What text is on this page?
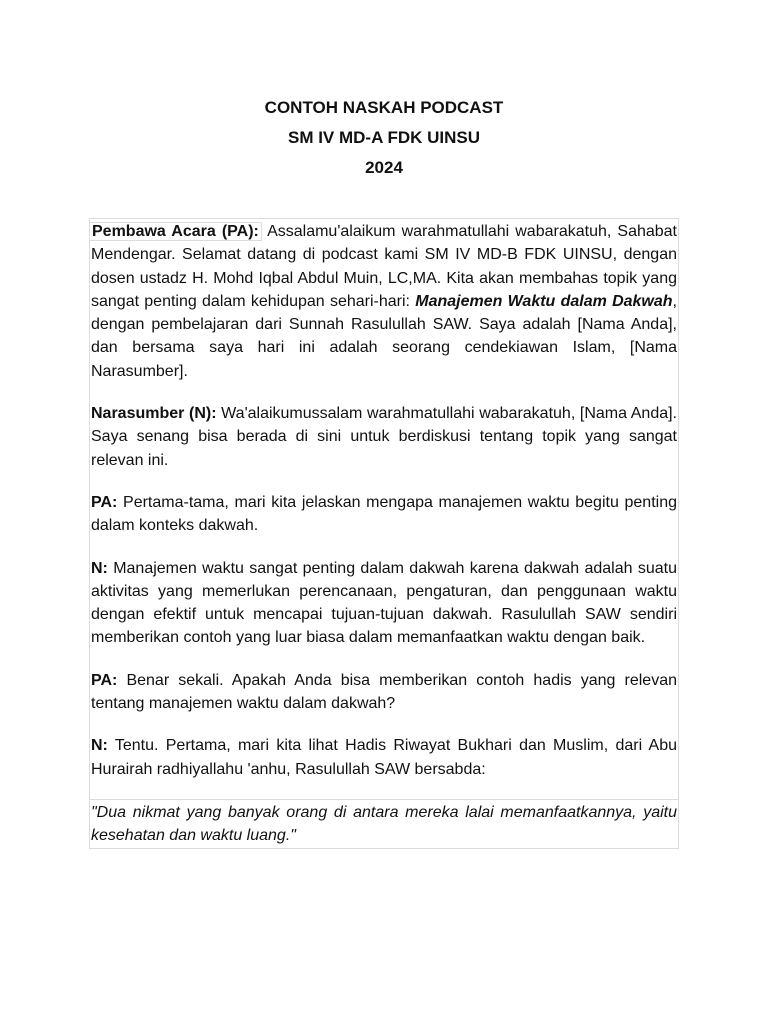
CONTOH NASKAH PODCAST
SM IV MD-A FDK UINSU
2024

Pembawa Acara (PA): Assalamu'alaikum warahmatullahi wabarakatuh, Sahabat Mendengar. Selamat datang di podcast kami SM IV MD-B FDK UINSU, dengan dosen ustadz H. Mohd Iqbal Abdul Muin, LC,MA. Kita akan membahas topik yang sangat penting dalam kehidupan sehari-hari: Manajemen Waktu dalam Dakwah, dengan pembelajaran dari Sunnah Rasulullah SAW. Saya adalah [Nama Anda], dan bersama saya hari ini adalah seorang cendekiawan Islam, [Nama Narasumber].

Narasumber (N): Wa'alaikumussalam warahmatullahi wabarakatuh, [Nama Anda]. Saya senang bisa berada di sini untuk berdiskusi tentang topik yang sangat relevan ini.

PA: Pertama-tama, mari kita jelaskan mengapa manajemen waktu begitu penting dalam konteks dakwah.

N: Manajemen waktu sangat penting dalam dakwah karena dakwah adalah suatu aktivitas yang memerlukan perencanaan, pengaturan, dan penggunaan waktu dengan efektif untuk mencapai tujuan-tujuan dakwah. Rasulullah SAW sendiri memberikan contoh yang luar biasa dalam memanfaatkan waktu dengan baik.

PA: Benar sekali. Apakah Anda bisa memberikan contoh hadis yang relevan tentang manajemen waktu dalam dakwah?

N: Tentu. Pertama, mari kita lihat Hadis Riwayat Bukhari dan Muslim, dari Abu Hurairah radhiyallahu 'anhu, Rasulullah SAW bersabda:

"Dua nikmat yang banyak orang di antara mereka lalai memanfaatkannya, yaitu kesehatan dan waktu luang."
